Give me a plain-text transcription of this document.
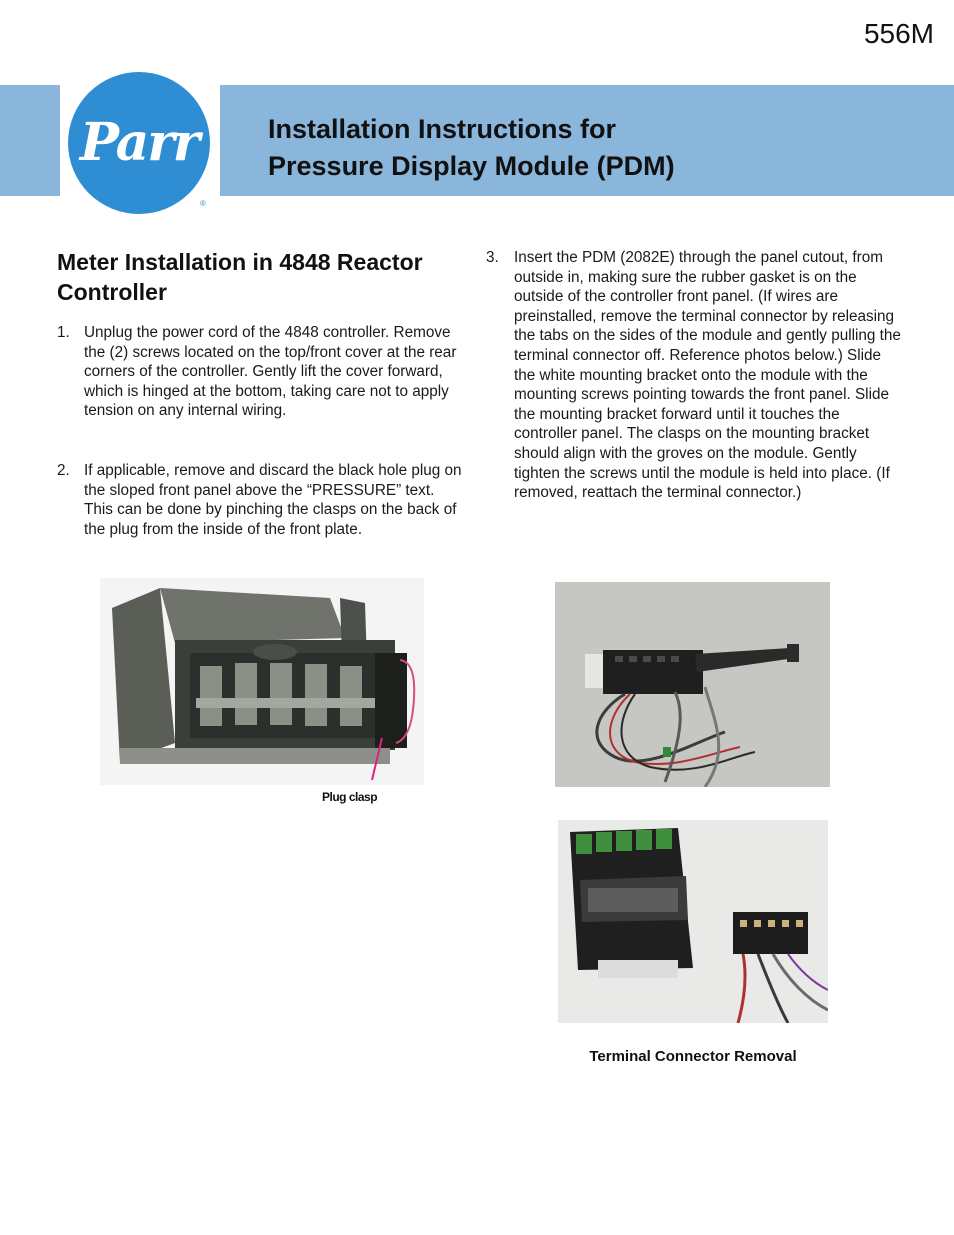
556M
Parr
®
Installation Instructions for
Pressure Display Module (PDM)
Meter Installation in 4848 Reactor Controller
1. Unplug the power cord of the 4848 controller. Remove the (2) screws located on the top/front cover at the rear corners of the controller. Gently lift the cover forward, which is hinged at the bottom, taking care not to apply tension on any internal wiring.
2. If applicable, remove and discard the black hole plug on the sloped front panel above the “PRESSURE” text. This can be done by pinching the clasps on the back of the plug from the inside of the front plate.
3. Insert the PDM (2082E) through the panel cutout, from outside in, making sure the rubber gasket is on the outside of the controller front panel. (If wires are preinstalled, remove the terminal connector by releasing the tabs on the sides of the module and gently pulling the terminal connector off. Reference photos below.) Slide the white mounting bracket onto the module with the mounting screws pointing towards the front panel. Slide the mounting bracket forward until it touches the controller panel. The clasps on the mounting bracket should align with the groves on the module. Gently tighten the screws until the module is held into place. (If removed, reattach the terminal connector.)
Plug clasp
Terminal Connector Removal
